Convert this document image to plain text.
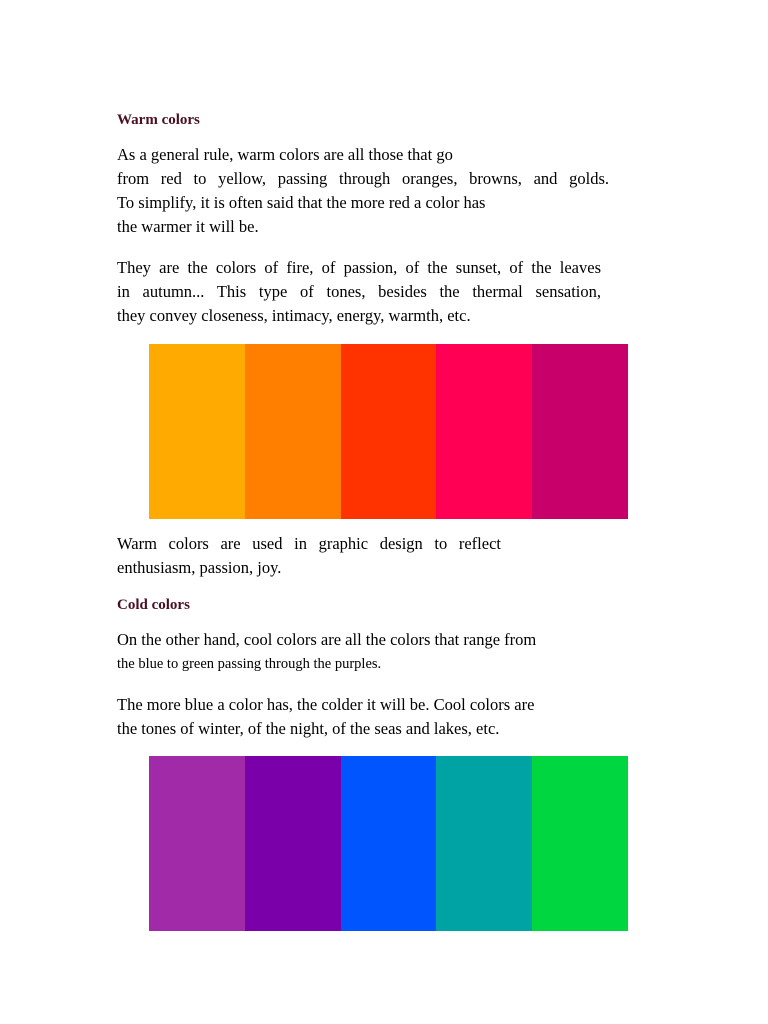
Warm colors
As a general rule, warm colors are all those that go
from red to yellow, passing through oranges, browns, and golds.
To simplify, it is often said that the more red a color has
the warmer it will be.
They are the colors of fire, of passion, of the sunset, of the leaves
in autumn... This type of tones, besides the thermal sensation,
they convey closeness, intimacy, energy, warmth, etc.
Warm colors are used in graphic design to reflect
enthusiasm, passion, joy.
Cold colors
On the other hand, cool colors are all the colors that range from
the blue to green passing through the purples.
The more blue a color has, the colder it will be. Cool colors are
the tones of winter, of the night, of the seas and lakes, etc.
